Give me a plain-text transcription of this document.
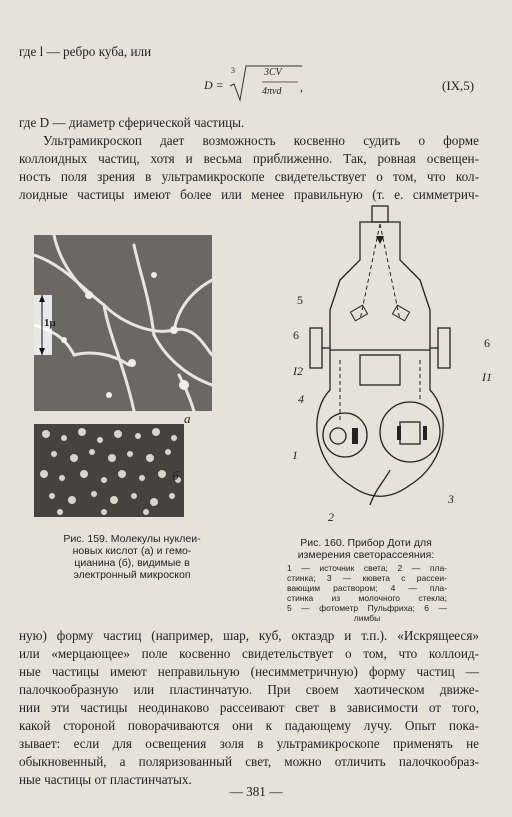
где l — ребро куба, или
D =
3	3CV
4πνd ,	(IX,5)
где D — диаметр сферической частицы.
Ультрамикроскоп дает возможность косвенно судить о форме
коллоидных частиц, хотя и весьма приближенно. Так, ровная освещен-
ность поля зрения в ультрамикроскопе свидетельствует о том, что кол-
лоидные частицы имеют более или менее правильную (т. е. симметрич-
1μ
а
б
Рис. 159. Молекулы нуклеи-
новых кислот (а) и гемо-
цианина (б), видимые в
электронный микроскоп
5
6
6
I2	I1
4
1
2
3
Рис. 160. Прибор Доти для
измерения светорассеяния:
1 — источник света; 2 — пла-
стинка; 3 — кювета с рассеи-
вающим раствором; 4 — пла-
стинка из молочного стекла;
5 — фотометр Пульфриха; 6 —
лимбы
ную) форму частиц (например, шар, куб, октаэдр и т.п.). «Искрящееся»
или «мерцающее» поле косвенно свидетельствует о том, что коллоид-
ные частицы имеют неправильную (несимметричную) форму частиц —
палочкообразную или пластинчатую. При своем хаотическом движе-
нии эти частицы неодинаково рассеивают свет в зависимости от того,
какой стороной поворачиваются они к падающему лучу. Опыт пока-
зывает: если для освещения золя в ультрамикроскопе применять не
обыкновенный, а поляризованный свет, можно отличить палочкообраз-
ные частицы от пластинчатых.
— 381 —
